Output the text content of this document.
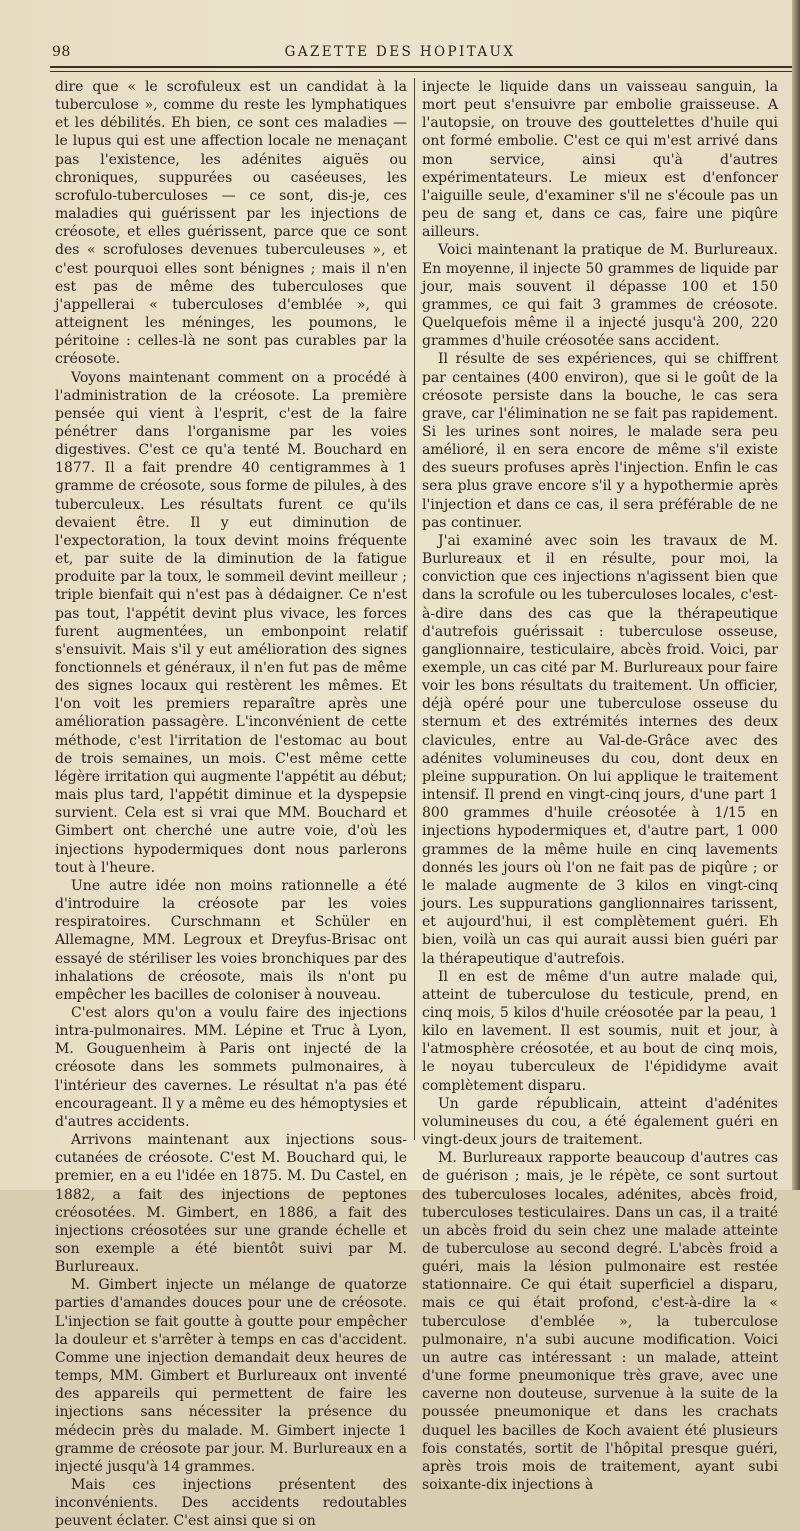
98	GAZETTE DES HOPITAUX

dire que « le scrofuleux est un candidat à la tuberculose », comme du reste les lymphatiques et les débilités. Eh bien, ce sont ces maladies — le lupus qui est une affection locale ne menaçant pas l'existence, les adénites aiguës ou chroniques, suppurées ou caséeuses, les scrofulo-tuberculoses — ce sont, dis-je, ces maladies qui guérissent par les injections de créosote, et elles guérissent, parce que ce sont des « scrofuloses devenues tuberculeuses », et c'est pourquoi elles sont bénignes ; mais il n'en est pas de même des tuberculoses que j'appellerai « tuberculoses d'emblée », qui atteignent les méninges, les poumons, le péritoine : celles-là ne sont pas curables par la créosote.

Voyons maintenant comment on a procédé à l'administration de la créosote. La première pensée qui vient à l'esprit, c'est de la faire pénétrer dans l'organisme par les voies digestives. C'est ce qu'a tenté M. Bouchard en 1877. Il a fait prendre 40 centigrammes à 1 gramme de créosote, sous forme de pilules, à des tuberculeux. Les résultats furent ce qu'ils devaient être. Il y eut diminution de l'expectoration, la toux devint moins fréquente et, par suite de la diminution de la fatigue produite par la toux, le sommeil devint meilleur ; triple bienfait qui n'est pas à dédaigner. Ce n'est pas tout, l'appétit devint plus vivace, les forces furent augmentées, un embonpoint relatif s'ensuivit. Mais s'il y eut amélioration des signes fonctionnels et généraux, il n'en fut pas de même des signes locaux qui restèrent les mêmes. Et l'on voit les premiers reparaître après une amélioration passagère. L'inconvénient de cette méthode, c'est l'irritation de l'estomac au bout de trois semaines, un mois. C'est même cette légère irritation qui augmente l'appétit au début; mais plus tard, l'appétit diminue et la dyspepsie survient. Cela est si vrai que MM. Bouchard et Gimbert ont cherché une autre voie, d'où les injections hypodermiques dont nous parlerons tout à l'heure.

Une autre idée non moins rationnelle a été d'introduire la créosote par les voies respiratoires. Curschmann et Schüler en Allemagne, MM. Legroux et Dreyfus-Brisac ont essayé de stériliser les voies bronchiques par des inhalations de créosote, mais ils n'ont pu empêcher les bacilles de coloniser à nouveau.

C'est alors qu'on a voulu faire des injections intra-pulmonaires. MM. Lépine et Truc à Lyon, M. Gouguenheim à Paris ont injecté de la créosote dans les sommets pulmonaires, à l'intérieur des cavernes. Le résultat n'a pas été encourageant. Il y a même eu des hémoptysies et d'autres accidents.

Arrivons maintenant aux injections sous-cutanées de créosote. C'est M. Bouchard qui, le premier, en a eu l'idée en 1875. M. Du Castel, en 1882, a fait des injections de peptones créosotées. M. Gimbert, en 1886, a fait des injections créosotées sur une grande échelle et son exemple a été bientôt suivi par M. Burlureaux.

M. Gimbert injecte un mélange de quatorze parties d'amandes douces pour une de créosote. L'injection se fait goutte à goutte pour empêcher la douleur et s'arrêter à temps en cas d'accident. Comme une injection demandait deux heures de temps, MM. Gimbert et Burlureaux ont inventé des appareils qui permettent de faire les injections sans nécessiter la présence du médecin près du malade. M. Gimbert injecte 1 gramme de créosote par jour. M. Burlureaux en a injecté jusqu'à 14 grammes.

Mais ces injections présentent des inconvénients. Des accidents redoutables peuvent éclater. C'est ainsi que si on

injecte le liquide dans un vaisseau sanguin, la mort peut s'ensuivre par embolie graisseuse. A l'autopsie, on trouve des gouttelettes d'huile qui ont formé embolie. C'est ce qui m'est arrivé dans mon service, ainsi qu'à d'autres expérimentateurs. Le mieux est d'enfoncer l'aiguille seule, d'examiner s'il ne s'écoule pas un peu de sang et, dans ce cas, faire une piqûre ailleurs.

Voici maintenant la pratique de M. Burlureaux. En moyenne, il injecte 50 grammes de liquide par jour, mais souvent il dépasse 100 et 150 grammes, ce qui fait 3 grammes de créosote. Quelquefois même il a injecté jusqu'à 200, 220 grammes d'huile créosotée sans accident.

Il résulte de ses expériences, qui se chiffrent par centaines (400 environ), que si le goût de la créosote persiste dans la bouche, le cas sera grave, car l'élimination ne se fait pas rapidement. Si les urines sont noires, le malade sera peu amélioré, il en sera encore de même s'il existe des sueurs profuses après l'injection. Enfin le cas sera plus grave encore s'il y a hypothermie après l'injection et dans ce cas, il sera préférable de ne pas continuer.

J'ai examiné avec soin les travaux de M. Burlureaux et il en résulte, pour moi, la conviction que ces injections n'agissent bien que dans la scrofule ou les tuberculoses locales, c'est-à-dire dans des cas que la thérapeutique d'autrefois guérissait : tuberculose osseuse, ganglionnaire, testiculaire, abcès froid. Voici, par exemple, un cas cité par M. Burlureaux pour faire voir les bons résultats du traitement. Un officier, déjà opéré pour une tuberculose osseuse du sternum et des extrémités internes des deux clavicules, entre au Val-de-Grâce avec des adénites volumineuses du cou, dont deux en pleine suppuration. On lui applique le traitement intensif. Il prend en vingt-cinq jours, d'une part 1 800 grammes d'huile créosotée à 1/15 en injections hypodermiques et, d'autre part, 1 000 grammes de la même huile en cinq lavements donnés les jours où l'on ne fait pas de piqûre ; or le malade augmente de 3 kilos en vingt-cinq jours. Les suppurations ganglionnaires tarissent, et aujourd'hui, il est complètement guéri. Eh bien, voilà un cas qui aurait aussi bien guéri par la thérapeutique d'autrefois.

Il en est de même d'un autre malade qui, atteint de tuberculose du testicule, prend, en cinq mois, 5 kilos d'huile créosotée par la peau, 1 kilo en lavement. Il est soumis, nuit et jour, à l'atmosphère créosotée, et au bout de cinq mois, le noyau tuberculeux de l'épididyme avait complètement disparu.

Un garde républicain, atteint d'adénites volumineuses du cou, a été également guéri en vingt-deux jours de traitement.

M. Burlureaux rapporte beaucoup d'autres cas de guérison ; mais, je le répète, ce sont surtout des tuberculoses locales, adénites, abcès froid, tuberculoses testiculaires. Dans un cas, il a traité un abcès froid du sein chez une malade atteinte de tuberculose au second degré. L'abcès froid a guéri, mais la lésion pulmonaire est restée stationnaire. Ce qui était superficiel a disparu, mais ce qui était profond, c'est-à-dire la « tuberculose d'emblée », la tuberculose pulmonaire, n'a subi aucune modification. Voici un autre cas intéressant : un malade, atteint d'une forme pneumonique très grave, avec une caverne non douteuse, survenue à la suite de la poussée pneumonique et dans les crachats duquel les bacilles de Koch avaient été plusieurs fois constatés, sortit de l'hôpital presque guéri, après trois mois de traitement, ayant subi soixante-dix injections à
